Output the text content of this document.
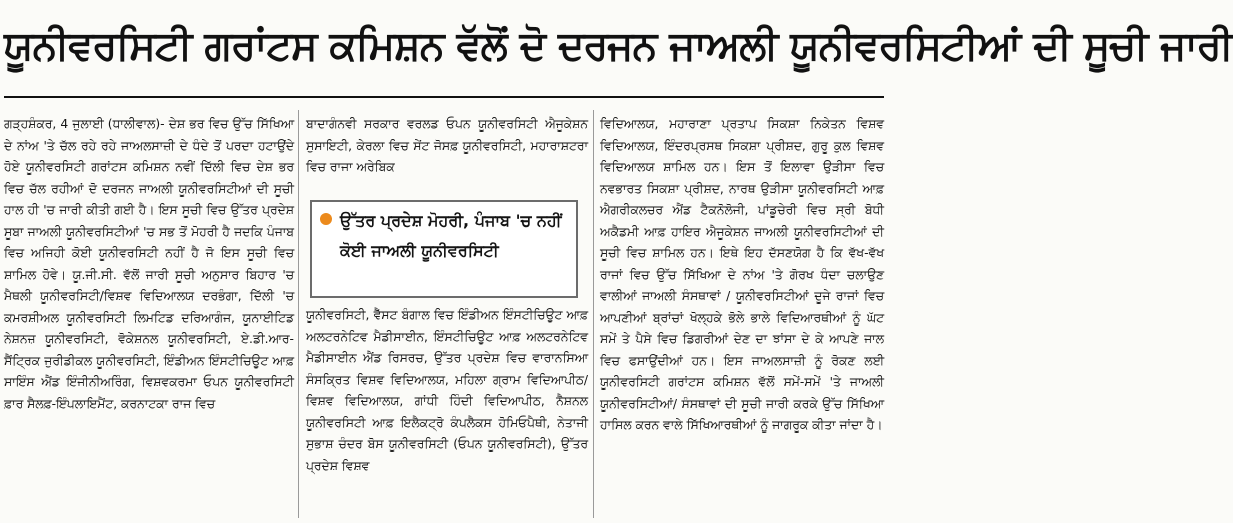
ਯੂਨੀਵਰਸਿਟੀ ਗਰਾਂਟਸ ਕਮਿਸ਼ਨ ਵੱਲੋਂ ਦੋ ਦਰਜਨ ਜਾਅਲੀ ਯੂਨੀਵਰਸਿਟੀਆਂ ਦੀ ਸੂਚੀ ਜਾਰੀ
ਗੜ੍ਹਸ਼ੰਕਰ, 4 ਜੁਲਾਈ (ਧਾਲੀਵਾਲ)- ਦੇਸ਼ ਭਰ ਵਿਚ ਉੱਚ ਸਿੱਖਿਆ ਦੇ ਨਾਂਅ 'ਤੇ ਚੱਲ ਰਹੇ ਰਹੇ ਜਾਅਲਸਾਜ਼ੀ ਦੇ ਧੰਦੇ ਤੋਂ ਪਰਦਾ ਹਟਾਉਂਦੇ ਹੋਏ ਯੂਨੀਵਰਸਿਟੀ ਗਰਾਂਟਸ ਕਮਿਸ਼ਨ ਨਵੀਂ ਦਿੱਲੀ ਵਿਚ ਦੇਸ਼ ਭਰ ਵਿਚ ਚੱਲ ਰਹੀਆਂ ਦੋ ਦਰਜਨ ਜਾਅਲੀ ਯੂਨੀਵਰਸਿਟੀਆਂ ਦੀ ਸੂਚੀ ਹਾਲ ਹੀ 'ਚ ਜਾਰੀ ਕੀਤੀ ਗਈ ਹੈ। ਇਸ ਸੂਚੀ ਵਿਚ ਉੱਤਰ ਪ੍ਰਦੇਸ਼ ਸੂਬਾ ਜਾਅਲੀ ਯੂਨੀਵਰਸਿਟੀਆਂ 'ਚ ਸਭ ਤੋਂ ਮੋਹਰੀ ਹੈ ਜਦਕਿ ਪੰਜਾਬ ਵਿਚ ਅਜਿਹੀ ਕੋਈ ਯੂਨੀਵਰਸਿਟੀ ਨਹੀਂ ਹੈ ਜੋ ਇਸ ਸੂਚੀ ਵਿਚ ਸ਼ਾਮਿਲ ਹੋਵੇ। ਯੂ.ਜੀ.ਸੀ. ਵੱਲੋਂ ਜਾਰੀ ਸੂਚੀ ਅਨੁਸਾਰ ਬਿਹਾਰ 'ਚ ਮੈਥਲੀ ਯੂਨੀਵਰਸਿਟੀ/ਵਿਸ਼ਵ ਵਿਦਿਆਲਯ ਦਰਭੰਗਾ, ਦਿੱਲੀ 'ਚ ਕਮਰਸ਼ੀਅਲ ਯੂਨੀਵਰਸਿਟੀ ਲਿਮਟਿਡ ਦਰਿਆਗੰਜ, ਯੂਨਾਈਟਿਡ ਨੇਸ਼ਨਜ਼ ਯੂਨੀਵਰਸਿਟੀ, ਵੋਕੇਸ਼ਨਲ ਯੂਨੀਵਰਸਿਟੀ, ਏ.ਡੀ.ਆਰ-ਸੈਂਟ੍ਰਿਕ ਜੁਰੀਡੀਕਲ ਯੂਨੀਵਰਸਿਟੀ, ਇੰਡੀਅਨ ਇੰਸਟੀਚਿਊਟ ਆਫ਼ ਸਾਇੰਸ ਐਂਡ ਇੰਜੀਨੀਅਰਿੰਗ, ਵਿਸ਼ਵਕਰਮਾ ਓਪਨ ਯੂਨੀਵਰਸਿਟੀ ਫ਼ਾਰ ਸੈਲਫ਼-ਇੰਪਲਾਇਮੈਂਟ, ਕਰਨਾਟਕਾ ਰਾਜ ਵਿਚ
ਬਾਦਾਗੰਨਵੀ ਸਰਕਾਰ ਵਰਲਡ ਓਪਨ ਯੂਨੀਵਰਸਿਟੀ ਐਜੂਕੇਸ਼ਨ ਸੁਸਾਇਟੀ, ਕੇਰਲਾ ਵਿਚ ਸੇਂਟ ਜੋਸਫ਼ ਯੂਨੀਵਰਸਿਟੀ, ਮਹਾਰਾਸ਼ਟਰਾ ਵਿਚ ਰਾਜਾ ਅਰੇਬਿਕ
ਉੱਤਰ ਪ੍ਰਦੇਸ਼ ਮੋਹਰੀ, ਪੰਜਾਬ 'ਚ ਨਹੀਂ ਕੋਈ ਜਾਅਲੀ ਯੂਨੀਵਰਸਿਟੀ
ਯੂਨੀਵਰਸਿਟੀ, ਵੈੱਸਟ ਬੰਗਾਲ ਵਿਚ ਇੰਡੀਅਨ ਇੰਸਟੀਚਿਊਟ ਆਫ਼ ਅਲਟਰਨੇਟਿਵ ਮੈਡੀਸਾਈਨ, ਇੰਸਟੀਚਿਊਟ ਆਫ਼ ਅਲਟਰਨੇਟਿਵ ਮੈਡੀਸਾਈਨ ਐਂਡ ਰਿਸਰਚ, ਉੱਤਰ ਪ੍ਰਦੇਸ਼ ਵਿਚ ਵਾਰਾਨਸਿਆ ਸੰਸਕ੍ਰਿਤ ਵਿਸ਼ਵ ਵਿਦਿਆਲਯ, ਮਹਿਲਾ ਗ੍ਰਾਮ ਵਿਦਿਆਪੀਠ/ਵਿਸ਼ਵ ਵਿਦਿਆਲਯ, ਗਾਂਧੀ ਹਿੰਦੀ ਵਿਦਿਆਪੀਠ, ਨੈਸ਼ਨਲ ਯੂਨੀਵਰਸਿਟੀ ਆਫ਼ ਇਲੈਕਟ੍ਰੋ ਕੰਪਲੈਕਸ ਹੋਮਿਓਪੈਥੀ, ਨੇਤਾਜੀ ਸੁਭਾਸ਼ ਚੰਦਰ ਬੋਸ ਯੂਨੀਵਰਸਿਟੀ (ਓਪਨ ਯੂਨੀਵਰਸਿਟੀ), ਉੱਤਰ ਪ੍ਰਦੇਸ਼ ਵਿਸ਼ਵ
ਵਿਦਿਆਲਯ, ਮਹਾਰਾਣਾ ਪ੍ਰਤਾਪ ਸਿਕਸ਼ਾ ਨਿਕੇਤਨ ਵਿਸ਼ਵ ਵਿਦਿਆਲਯ, ਇੰਦਰਪ੍ਰਸਥ ਸਿਕਸ਼ਾ ਪ੍ਰੀਸ਼ਦ, ਗੁਰੂ ਕੁਲ ਵਿਸ਼ਵ ਵਿਦਿਆਲਯ ਸ਼ਾਮਿਲ ਹਨ। ਇਸ ਤੋਂ ਇਲਾਵਾ ਉੜੀਸਾ ਵਿਚ ਨਵਭਾਰਤ ਸਿਕਸ਼ਾ ਪ੍ਰੀਸ਼ਦ, ਨਾਰਥ ਉੜੀਸਾ ਯੂਨੀਵਰਸਿਟੀ ਆਫ਼ ਐਗਰੀਕਲਚਰ ਐਂਡ ਟੈਕਨੋਲੋਜੀ, ਪਾਂਡੂਚੇਰੀ ਵਿਚ ਸ੍ਰੀ ਬੋਧੀ ਅਕੈਡਮੀ ਆਫ਼ ਹਾਇਰ ਐਜੂਕੇਸ਼ਨ ਜਾਅਲੀ ਯੂਨੀਵਰਸਿਟੀਆਂ ਦੀ ਸੂਚੀ ਵਿਚ ਸ਼ਾਮਿਲ ਹਨ। ਇਥੇ ਇਹ ਦੱਸਣਯੋਗ ਹੈ ਕਿ ਵੱਖ-ਵੱਖ ਰਾਜਾਂ ਵਿਚ ਉੱਚ ਸਿੱਖਿਆ ਦੇ ਨਾਂਅ 'ਤੇ ਗੋਰਖ ਧੰਦਾ ਚਲਾਉਣ ਵਾਲੀਆਂ ਜਾਅਲੀ ਸੰਸਥਾਵਾਂ / ਯੂਨੀਵਰਸਿਟੀਆਂ ਦੂਜੇ ਰਾਜਾਂ ਵਿਚ ਆਪਣੀਆਂ ਬ੍ਰਾਂਚਾਂ ਖੋਲ੍ਹਕੇ ਭੋਲੇ ਭਾਲੇ ਵਿਦਿਆਰਥੀਆਂ ਨੂੰ ਘੱਟ ਸਮੇਂ ਤੇ ਪੈਸੇ ਵਿਚ ਡਿਗਰੀਆਂ ਦੇਣ ਦਾ ਝਾਂਸਾ ਦੇ ਕੇ ਆਪਣੇ ਜਾਲ ਵਿਚ ਫਸਾਉਂਦੀਆਂ ਹਨ। ਇਸ ਜਾਅਲਸਾਜ਼ੀ ਨੂੰ ਰੋਕਣ ਲਈ ਯੂਨੀਵਰਸਿਟੀ ਗਰਾਂਟਸ ਕਮਿਸ਼ਨ ਵੱਲੋਂ ਸਮੇਂ-ਸਮੇਂ 'ਤੇ ਜਾਅਲੀ ਯੂਨੀਵਰਸਿਟੀਆਂ/ ਸੰਸਥਾਵਾਂ ਦੀ ਸੂਚੀ ਜਾਰੀ ਕਰਕੇ ਉੱਚ ਸਿੱਖਿਆ ਹਾਸਿਲ ਕਰਨ ਵਾਲੇ ਸਿੱਖਿਆਰਥੀਆਂ ਨੂੰ ਜਾਗਰੂਕ ਕੀਤਾ ਜਾਂਦਾ ਹੈ।
